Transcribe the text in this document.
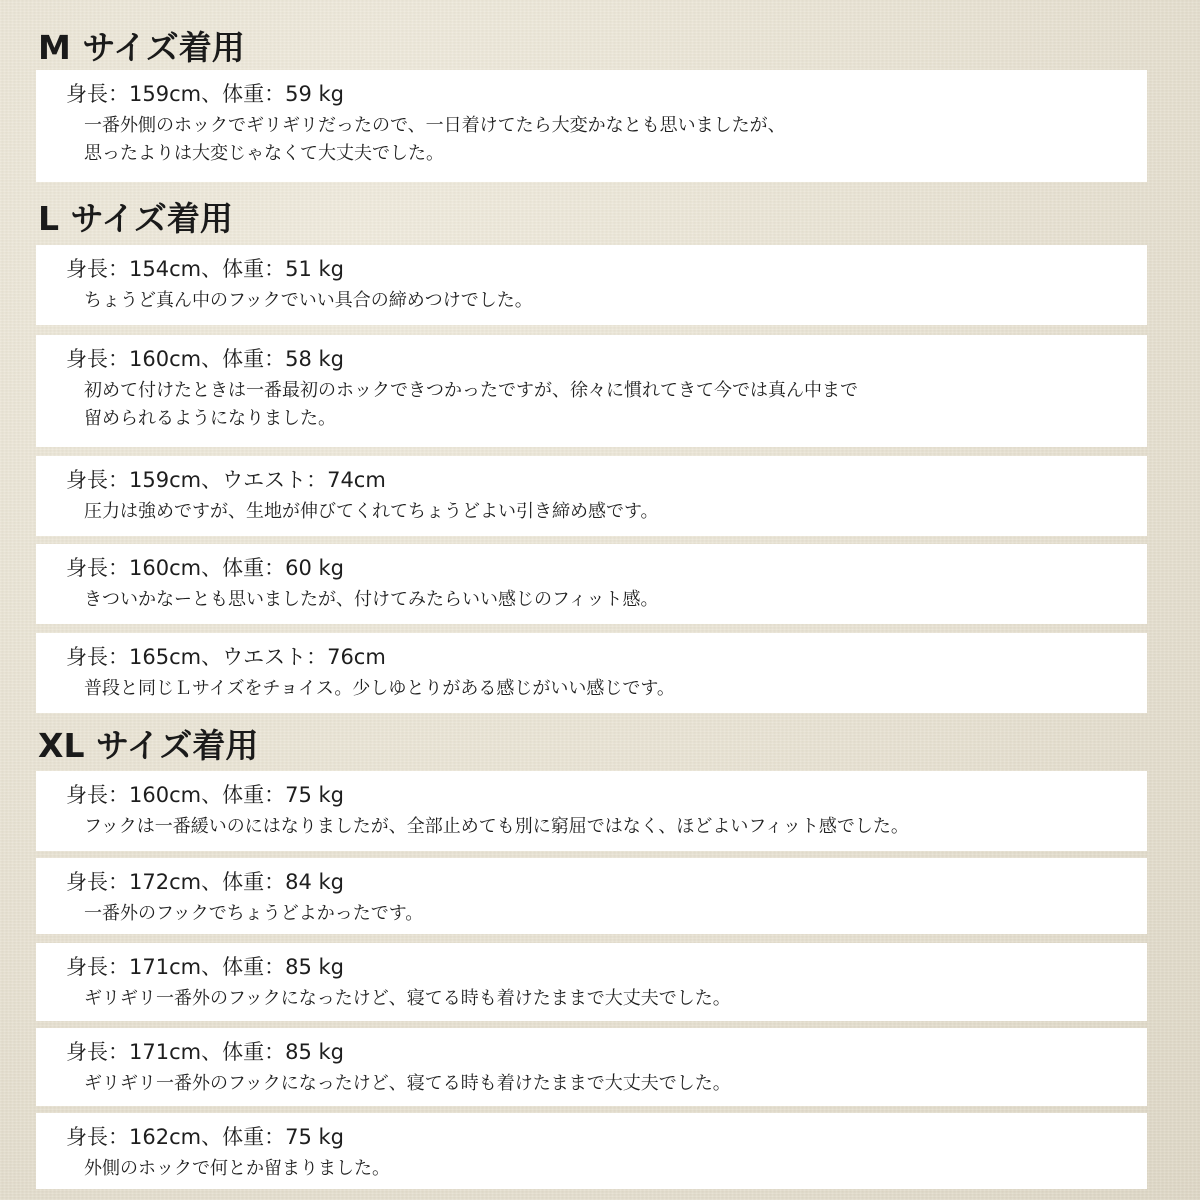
M サイズ着用
身長：159cm、体重：59 kg
一番外側のホックでギリギリだったので、一日着けてたら大変かなとも思いましたが、
思ったよりは大変じゃなくて大丈夫でした。
L サイズ着用
身長：154cm、体重：51 kg
ちょうど真ん中のフックでいい具合の締めつけでした。
身長：160cm、体重：58 kg
初めて付けたときは一番最初のホックできつかったですが、徐々に慣れてきて今では真ん中まで
留められるようになりました。
身長：159cm、ウエスト：74cm
圧力は強めですが、生地が伸びてくれてちょうどよい引き締め感です。
身長：160cm、体重：60 kg
きついかなーとも思いましたが、付けてみたらいい感じのフィット感。
身長：165cm、ウエスト：76cm
普段と同じＬサイズをチョイス。少しゆとりがある感じがいい感じです。
XL サイズ着用
身長：160cm、体重：75 kg
フックは一番緩いのにはなりましたが、全部止めても別に窮屈ではなく、ほどよいフィット感でした。
身長：172cm、体重：84 kg
一番外のフックでちょうどよかったです。
身長：171cm、体重：85 kg
ギリギリ一番外のフックになったけど、寝てる時も着けたままで大丈夫でした。
身長：171cm、体重：85 kg
ギリギリ一番外のフックになったけど、寝てる時も着けたままで大丈夫でした。
身長：162cm、体重：75 kg
外側のホックで何とか留まりました。
